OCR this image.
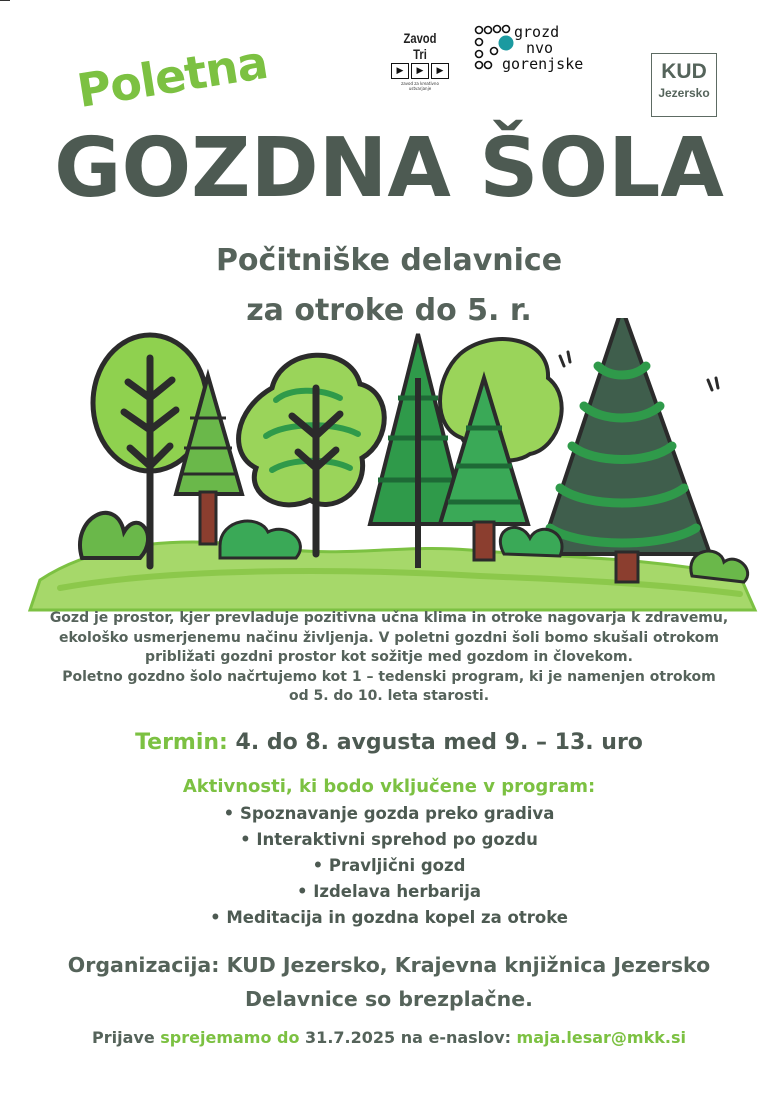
Zavod Tri
▶	▶	▶
zavod za kreativno ustvarjanje
grozd
nvo
gorenjske	KUD
Jezersko
Poletna
GOZDNA ŠOLA
Počitniške delavnice
za otroke do 5. r.
Gozd je prostor, kjer prevladuje pozitivna učna klima in otroke nagovarja k zdravemu,
ekološko usmerjenemu načinu življenja. V poletni gozdni šoli bomo skušali otrokom
približati gozdni prostor kot sožitje med gozdom in človekom.
Poletno gozdno šolo načrtujemo kot 1 – tedenski program, ki je namenjen otrokom
od 5. do 10. leta starosti.
Termin: 4. do 8. avgusta med 9. – 13. uro
Aktivnosti, ki bodo vključene v program:
• Spoznavanje gozda preko gradiva
• Interaktivni sprehod po gozdu
• Pravljični gozd
• Izdelava herbarija
• Meditacija in gozdna kopel za otroke
Organizacija: KUD Jezersko, Krajevna knjižnica Jezersko
Delavnice so brezplačne.
Prijave sprejemamo do 31.7.2025 na e-naslov: maja.lesar@mkk.si
